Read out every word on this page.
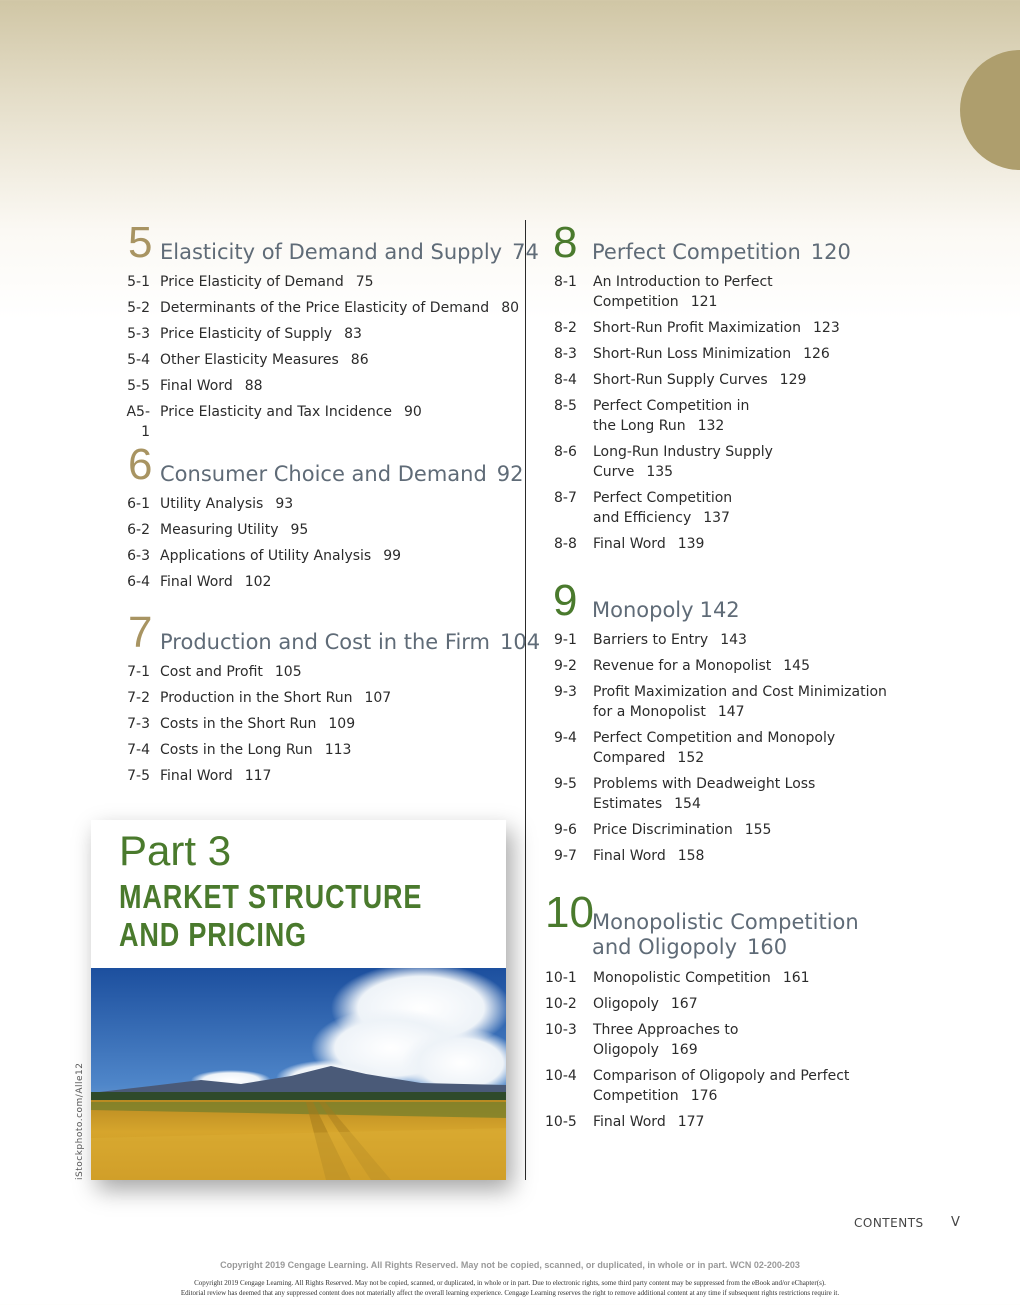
5 Elasticity of Demand and Supply 74
5-1 Price Elasticity of Demand 75
5-2 Determinants of the Price Elasticity of Demand 80
5-3 Price Elasticity of Supply 83
5-4 Other Elasticity Measures 86
5-5 Final Word 88
A5-1
Price Elasticity and Tax Incidence 90
6 Consumer Choice and Demand 92
6-1 Utility Analysis 93
6-2 Measuring Utility 95
6-3 Applications of Utility Analysis 99
6-4 Final Word 102
7 Production and Cost in the Firm 104
7-1 Cost and Profit 105
7-2 Production in the Short Run 107
7-3 Costs in the Short Run 109
7-4 Costs in the Long Run 113
7-5 Final Word 117
8 Perfect Competition 120
8-1	An Introduction to Perfect
Competition 121
8-2	Short-Run Profit Maximization 123
8-3	Short-Run Loss Minimization 126
8-4	Short-Run Supply Curves 129
8-5	Perfect Competition in
the Long Run 132
8-6	Long-Run Industry Supply
Curve 135
8-7	Perfect Competition
and Efficiency 137
8-8	Final Word 139
9 Monopoly 142
9-1	Barriers to Entry 143
9-2	Revenue for a Monopolist 145
9-3	Profit Maximization and Cost Minimization
for a Monopolist 147
9-4	Perfect Competition and Monopoly
Compared 152
9-5	Problems with Deadweight Loss
Estimates 154
9-6	Price Discrimination 155
9-7	Final Word 158
10
Monopolistic Competition
and Oligopoly 160
10-1	Monopolistic Competition 161
10-2	Oligopoly 167
10-3	Three Approaches to
Oligopoly 169
10-4	Comparison of Oligopoly and Perfect
Competition 176
10-5	Final Word 177
Part 3
MARKET STRUCTURE
AND PRICING
iStockphoto.com/Alle12
CONTENTS V
Copyright 2019 Cengage Learning. All Rights Reserved. May not be copied, scanned, or duplicated, in whole or in part. WCN 02-200-203
Copyright 2019 Cengage Learning. All Rights Reserved. May not be copied, scanned, or duplicated, in whole or in part. Due to electronic rights, some third party content may be suppressed from the eBook and/or eChapter(s).
Editorial review has deemed that any suppressed content does not materially affect the overall learning experience. Cengage Learning reserves the right to remove additional content at any time if subsequent rights restrictions require it.
